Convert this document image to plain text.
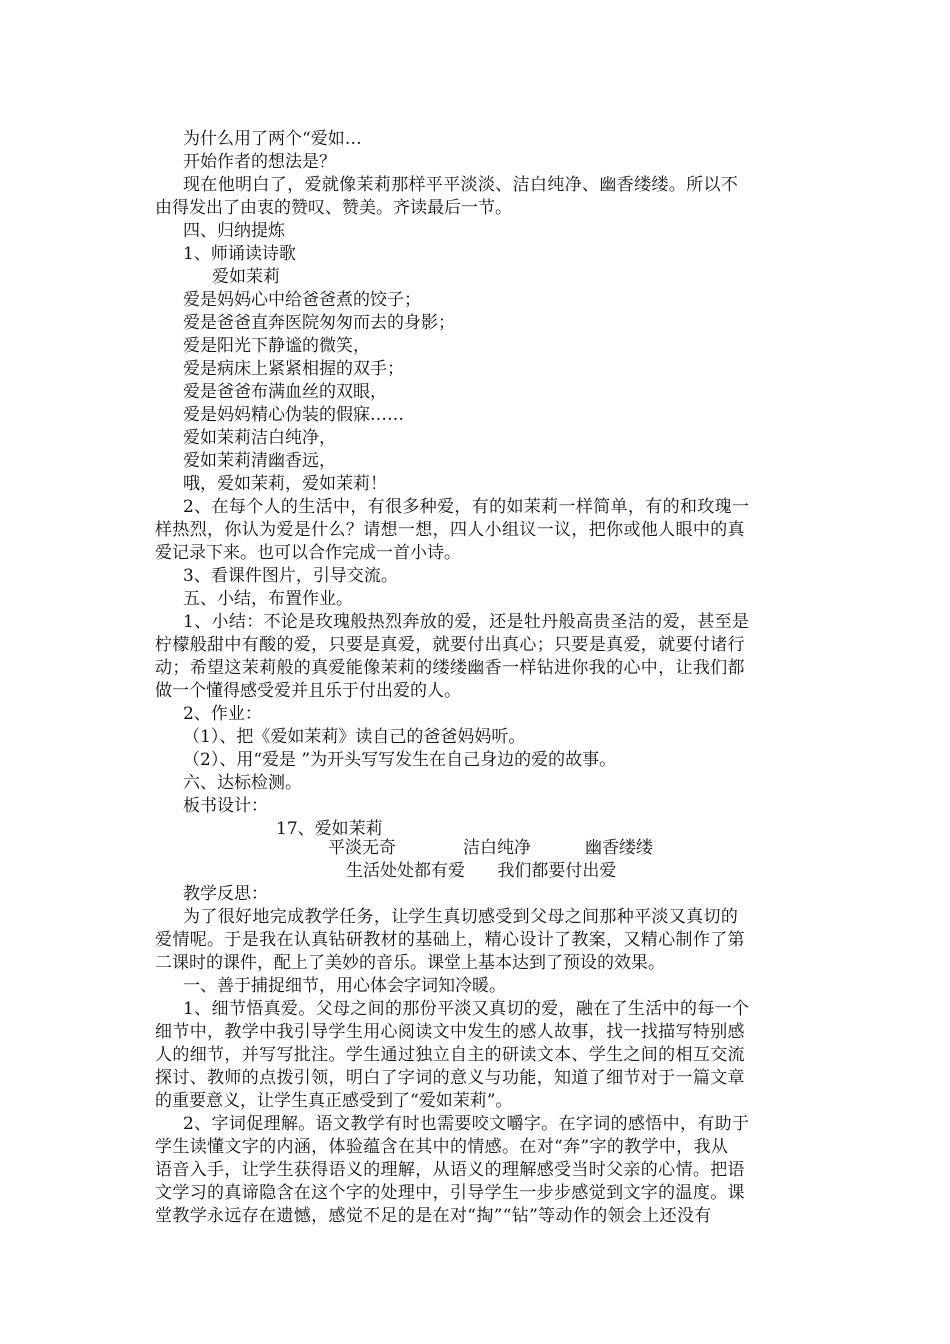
为什么用了两个“爱如…
开始作者的想法是？
现在他明白了，爱就像茉莉那样平平淡淡、洁白纯净、幽香缕缕。所以不
由得发出了由衷的赞叹、赞美。齐读最后一节。
四、归纳提炼
1、师诵读诗歌
爱如茉莉
爱是妈妈心中给爸爸煮的饺子；
爱是爸爸直奔医院匆匆而去的身影；
爱是阳光下静谧的微笑，
爱是病床上紧紧相握的双手；
爱是爸爸布满血丝的双眼，
爱是妈妈精心伪装的假寐……
爱如茉莉洁白纯净，
爱如茉莉清幽香远，
哦，爱如茉莉，爱如茉莉！
2、在每个人的生活中，有很多种爱，有的如茉莉一样简单，有的和玫瑰一
样热烈，你认为爱是什么？请想一想，四人小组议一议，把你或他人眼中的真
爱记录下来。也可以合作完成一首小诗。
3、看课件图片，引导交流。
五、小结，布置作业。
1、小结：不论是玫瑰般热烈奔放的爱，还是牡丹般高贵圣洁的爱，甚至是
柠檬般甜中有酸的爱，只要是真爱，就要付出真心；只要是真爱，就要付诸行
动；希望这茉莉般的真爱能像茉莉的缕缕幽香一样钻进你我的心中，让我们都
做一个懂得感受爱并且乐于付出爱的人。
2、作业：
（1）、把《爱如茉莉》读自己的爸爸妈妈听。
（2）、用“爱是 ”为开头写写发生在自己身边的爱的故事。
六、达标检测。
板书设计：
17、爱如茉莉
平淡无奇	洁白纯净	幽香缕缕
生活处处都有爱      我们都要付出爱
教学反思：
为了很好地完成教学任务，让学生真切感受到父母之间那种平淡又真切的
爱情呢。于是我在认真钻研教材的基础上，精心设计了教案，又精心制作了第
二课时的课件，配上了美妙的音乐。课堂上基本达到了预设的效果。
一、善于捕捉细节，用心体会字词知冷暖。
1、细节悟真爱。父母之间的那份平淡又真切的爱，融在了生活中的每一个
细节中，教学中我引导学生用心阅读文中发生的感人故事，找一找描写特别感
人的细节，并写写批注。学生通过独立自主的研读文本、学生之间的相互交流
探讨、教师的点拨引领，明白了字词的意义与功能，知道了细节对于一篇文章
的重要意义，让学生真正感受到了“爱如茉莉”。
2、字词促理解。语文教学有时也需要咬文嚼字。在字词的感悟中，有助于
学生读懂文字的内涵，体验蕴含在其中的情感。在对“奔”字的教学中，我从
语音入手，让学生获得语义的理解，从语义的理解感受当时父亲的心情。把语
文学习的真谛隐含在这个字的处理中，引导学生一步步感觉到文字的温度。课
堂教学永远存在遗憾，感觉不足的是在对“掏”“钻”等动作的领会上还没有
